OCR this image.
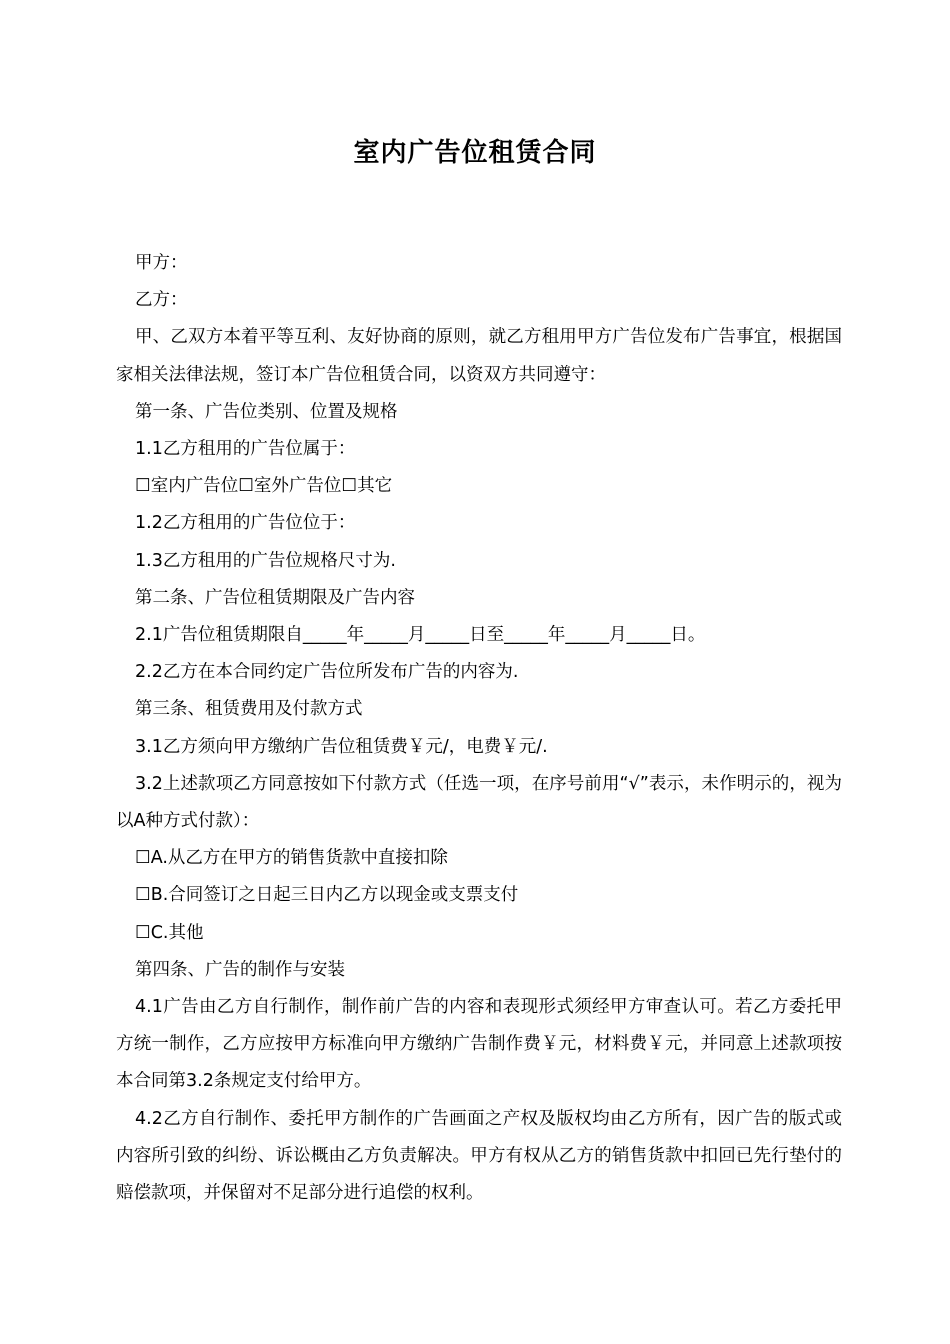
室内广告位租赁合同

甲方：

乙方：

甲、乙双方本着平等互利、友好协商的原则，就乙方租用甲方广告位发布广告事宜，根据国家相关法律法规，签订本广告位租赁合同，以资双方共同遵守：

第一条、广告位类别、位置及规格

1.1乙方租用的广告位属于：

☐室内广告位☐室外广告位☐其它

1.2乙方租用的广告位位于：

1.3乙方租用的广告位规格尺寸为.

第二条、广告位租赁期限及广告内容

2.1广告位租赁期限自_____年_____月_____日至_____年_____月_____日。

2.2乙方在本合同约定广告位所发布广告的内容为.

第三条、租赁费用及付款方式

3.1乙方须向甲方缴纳广告位租赁费￥元/，电费￥元/.

3.2上述款项乙方同意按如下付款方式（任选一项，在序号前用“√”表示，未作明示的，视为以A种方式付款）：

☐A.从乙方在甲方的销售货款中直接扣除

☐B.合同签订之日起三日内乙方以现金或支票支付

☐C.其他

第四条、广告的制作与安装

4.1广告由乙方自行制作，制作前广告的内容和表现形式须经甲方审查认可。若乙方委托甲方统一制作，乙方应按甲方标准向甲方缴纳广告制作费￥元，材料费￥元，并同意上述款项按本合同第3.2条规定支付给甲方。

4.2乙方自行制作、委托甲方制作的广告画面之产权及版权均由乙方所有，因广告的版式或内容所引致的纠纷、诉讼概由乙方负责解决。甲方有权从乙方的销售货款中扣回已先行垫付的赔偿款项，并保留对不足部分进行追偿的权利。
